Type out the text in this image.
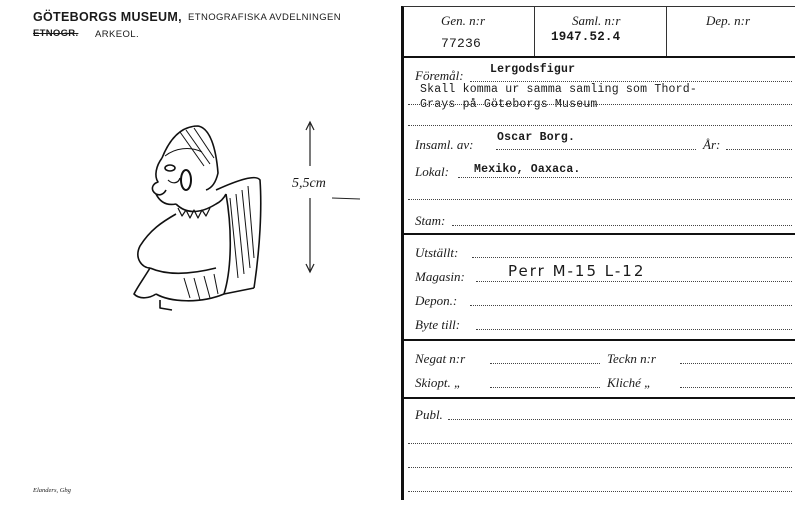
GÖTEBORGS MUSEUM, ETNOGRAFISKA AVDELNINGEN
ETNOGR. ARKEOL.
5,5cm
Elanders, Gbg
Gen. n:r
77236
Saml. n:r
1947.52.4
Dep. n:r
Föremål: Lergodsfigur
Skall komma ur samma samling som Thord-
Grays på Göteborgs Museum
Insaml. av: Oscar Borg.	År:
Lokal: Mexiko, Oaxaca.
Stam:
Utställt:
Magasin:	Perr M-15 L-12
Depon.:
Byte till:
Negat n:r	Teckn n:r
Skiopt. „	Kliché „
Publ.
